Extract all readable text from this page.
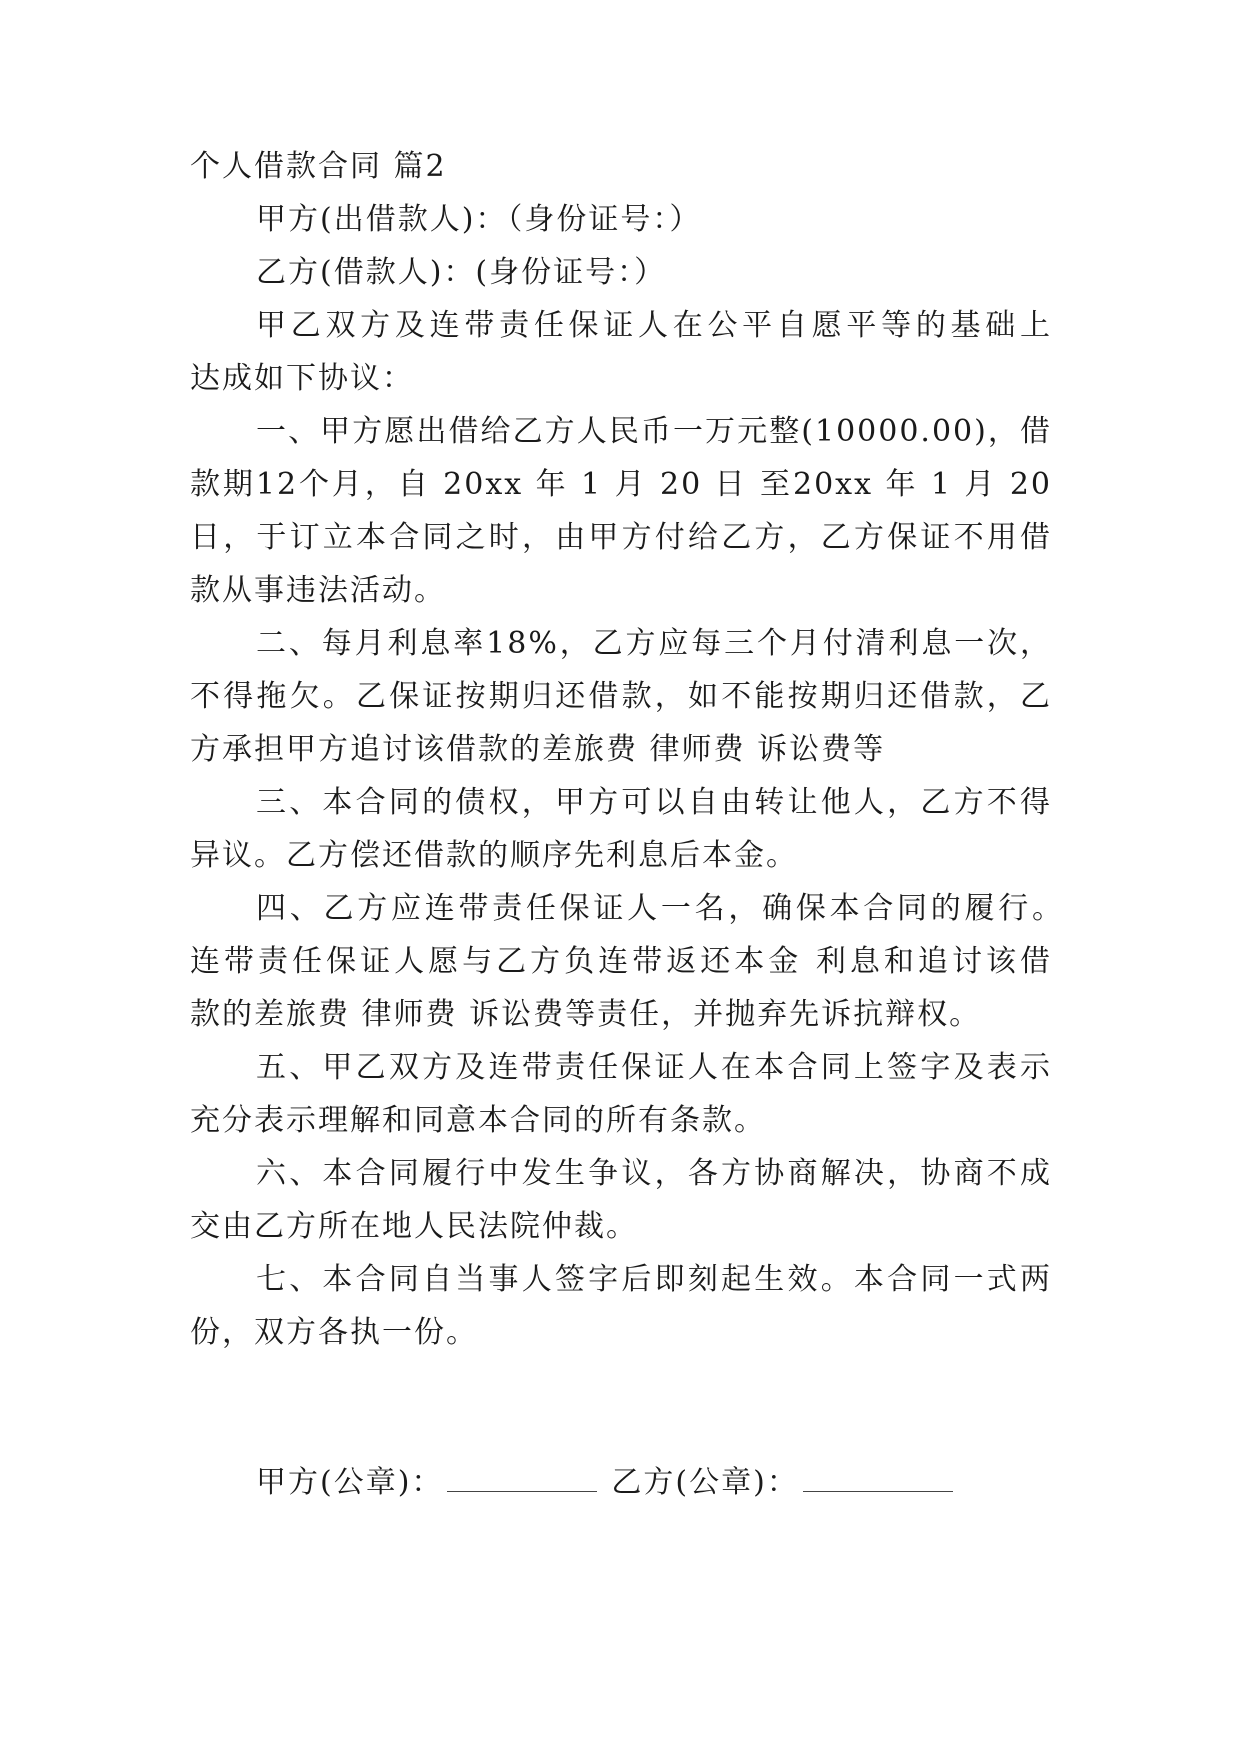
个人借款合同 篇2
甲方(出借款人)：（身份证号：）
乙方(借款人)：(身份证号：）
甲乙双方及连带责任保证人在公平自愿平等的基础上
达成如下协议：
一、甲方愿出借给乙方人民币一万元整(10000.00)，借
款期12个月，自 20xx 年 1 月 20 日 至20xx 年 1 月 20
日，于订立本合同之时，由甲方付给乙方，乙方保证不用借
款从事违法活动。
二、每月利息率18%，乙方应每三个月付清利息一次，
不得拖欠。乙保证按期归还借款，如不能按期归还借款，乙
方承担甲方追讨该借款的差旅费 律师费 诉讼费等
三、本合同的债权，甲方可以自由转让他人，乙方不得
异议。乙方偿还借款的顺序先利息后本金。
四、乙方应连带责任保证人一名，确保本合同的履行。
连带责任保证人愿与乙方负连带返还本金 利息和追讨该借
款的差旅费 律师费 诉讼费等责任，并抛弃先诉抗辩权。
五、甲乙双方及连带责任保证人在本合同上签字及表示
充分表示理解和同意本合同的所有条款。
六、本合同履行中发生争议，各方协商解决，协商不成
交由乙方所在地人民法院仲裁。
七、本合同自当事人签字后即刻起生效。本合同一式两
份，双方各执一份。
甲方(公章)：	乙方(公章)：
